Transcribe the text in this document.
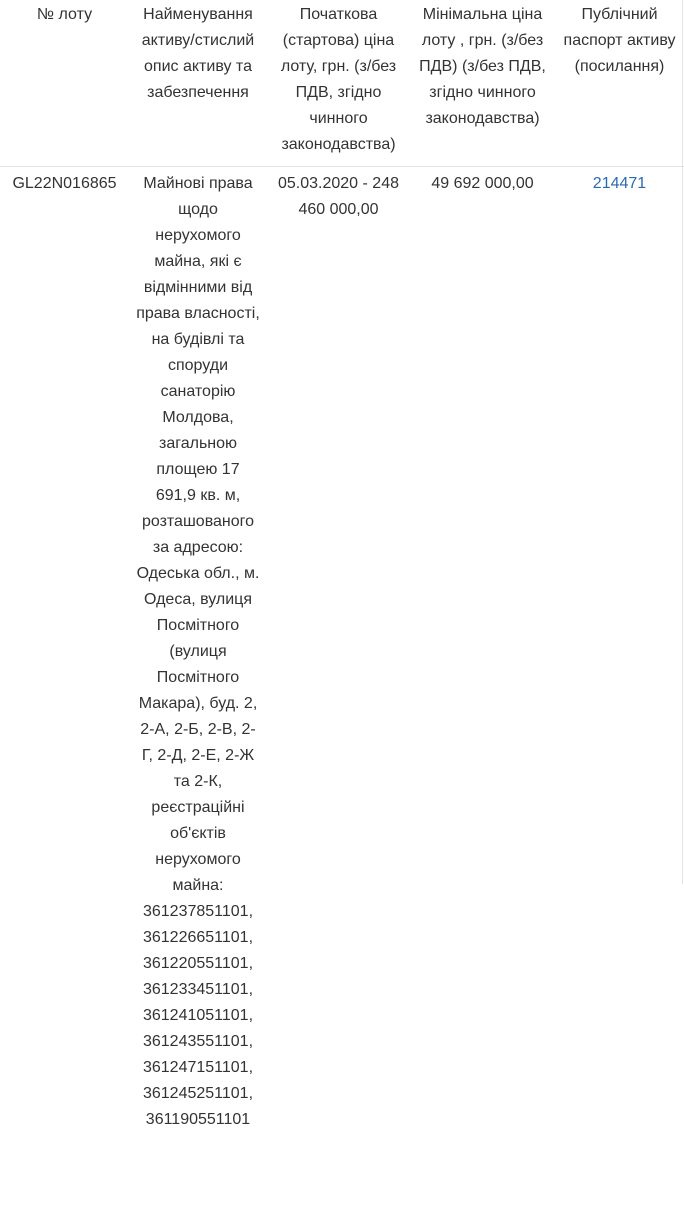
№ лоту	Найменування активу/стислий опис активу та забезпечення	Початкова (стартова) ціна лоту, грн. (з/без ПДВ, згідно чинного законодавства)	Мінімальна ціна лоту , грн. (з/без ПДВ) (з/без ПДВ, згідно чинного законодавства)	Публічний паспорт активу (посилання)

GL22N016865	Майнові права щодо нерухомого майна, які є відмінними від права власності, на будівлі та споруди санаторію Молдова, загальною площею 17 691,9 кв. м, розташованого за адресою: Одеська обл., м. Одеса, вулиця Посмітного (вулиця Посмітного Макара), буд. 2, 2-А, 2-Б, 2-В, 2-Г, 2-Д, 2-Е, 2-Ж та 2-К, реєстраційні об'єктів нерухомого майна: 361237851101, 361226651101, 361220551101, 361233451101, 361241051101, 361243551101, 361247151101, 361245251101, 361190551101	05.03.2020 - 248 460 000,00	49 692 000,00	214471
